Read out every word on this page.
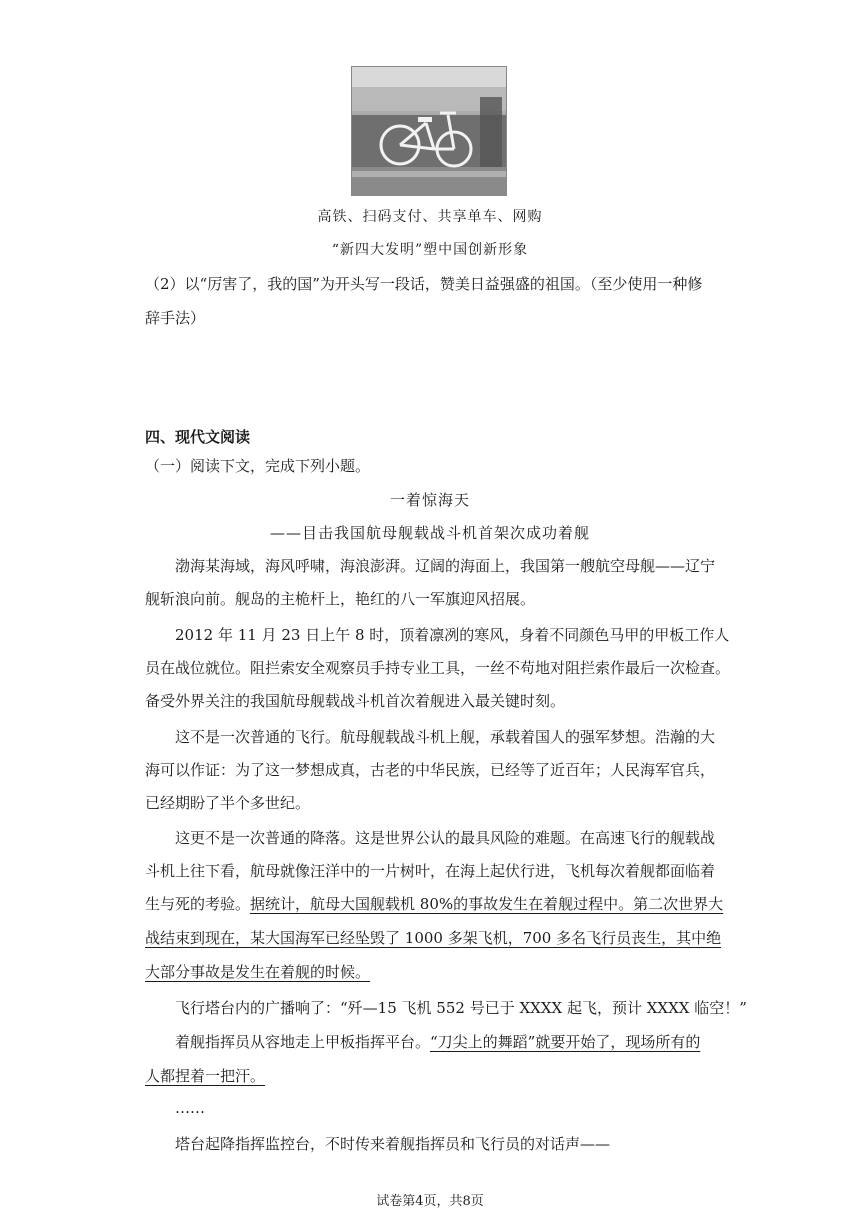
高铁、扫码支付、共享单车、网购
“新四大发明”塑中国创新形象
（2）以“厉害了，我的国”为开头写一段话，赞美日益强盛的祖国。（至少使用一种修
辞手法）
四、现代文阅读
（一）阅读下文，完成下列小题。
一着惊海天
——目击我国航母舰载战斗机首架次成功着舰
渤海某海域，海风呼啸，海浪澎湃。辽阔的海面上，我国第一艘航空母舰——辽宁
舰斩浪向前。舰岛的主桅杆上，艳红的八一军旗迎风招展。
2012 年 11 月 23 日上午 8 时，顶着凛冽的寒风，身着不同颜色马甲的甲板工作人
员在战位就位。阻拦索安全观察员手持专业工具，一丝不苟地对阻拦索作最后一次检查。
备受外界关注的我国航母舰载战斗机首次着舰进入最关键时刻。
这不是一次普通的飞行。航母舰载战斗机上舰，承载着国人的强军梦想。浩瀚的大
海可以作证：为了这一梦想成真，古老的中华民族，已经等了近百年；人民海军官兵，
已经期盼了半个多世纪。
这更不是一次普通的降落。这是世界公认的最具风险的难题。在高速飞行的舰载战
斗机上往下看，航母就像汪洋中的一片树叶，在海上起伏行进，飞机每次着舰都面临着
生与死的考验。据统计，航母大国舰载机 80%的事故发生在着舰过程中。第二次世界大
战结束到现在，某大国海军已经坠毁了 1000 多架飞机，700 多名飞行员丧生，其中绝
大部分事故是发生在着舰的时候。
飞行塔台内的广播响了：“歼—15 飞机 552 号已于 XXXX 起飞，预计 XXXX 临空！”
着舰指挥员从容地走上甲板指挥平台。“刀尖上的舞蹈”就要开始了，现场所有的
人都捏着一把汗。
……
塔台起降指挥监控台，不时传来着舰指挥员和飞行员的对话声——
试卷第4页，共8页
